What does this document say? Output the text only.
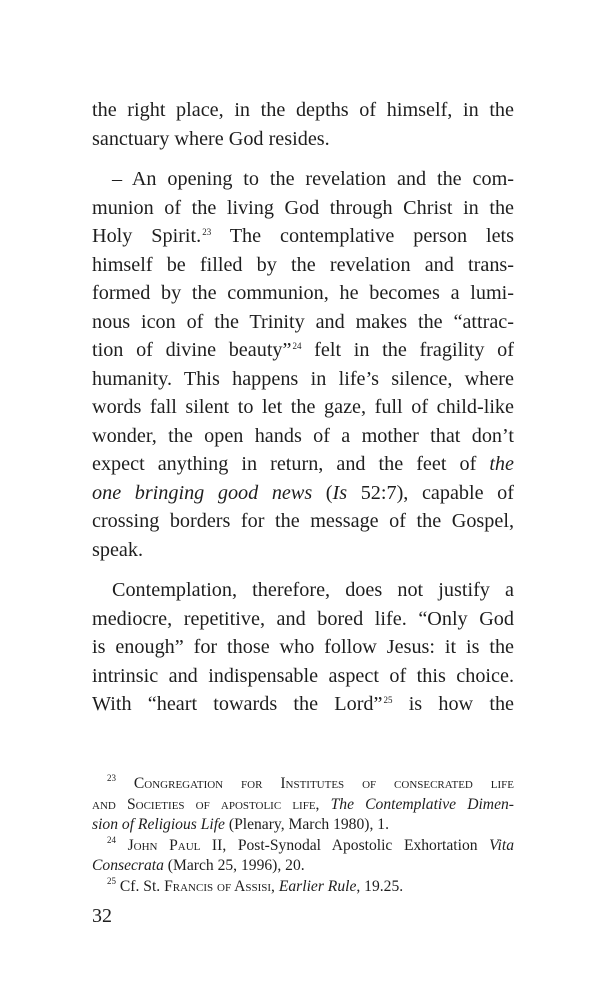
the right place, in the depths of himself, in the

sanctuary where God resides.

– An opening to the revelation and the com-

munion of the living God through Christ in the

Holy Spirit.$^{23}$ The contemplative person lets

himself be filled by the revelation and trans-

formed by the communion, he becomes a lumi-

nous icon of the Trinity and makes the “attrac-

tion of divine beauty”$^{24}$ felt in the fragility of

humanity. This happens in life’s silence, where

words fall silent to let the gaze, full of child-like

wonder, the open hands of a mother that don’t

expect anything in return, and the feet of the

one bringing good news (Is 52:7), capable of

crossing borders for the message of the Gospel,

speak.

Contemplation, therefore, does not justify a

mediocre, repetitive, and bored life. “Only God

is enough” for those who follow Jesus: it is the

intrinsic and indispensable aspect of this choice.

With “heart towards the Lord”$^{25}$ is how the

$^{23}$ Congregation for Institutes of consecrated life

and Societies of apostolic life, The Contemplative Dimen-

sion of Religious Life (Plenary, March 1980), 1.

$^{24}$ John Paul II, Post-Synodal Apostolic Exhortation Vita

Consecrata (March 25, 1996), 20.

$^{25}$ Cf. St. Francis of Assisi, Earlier Rule, 19.25.

32
